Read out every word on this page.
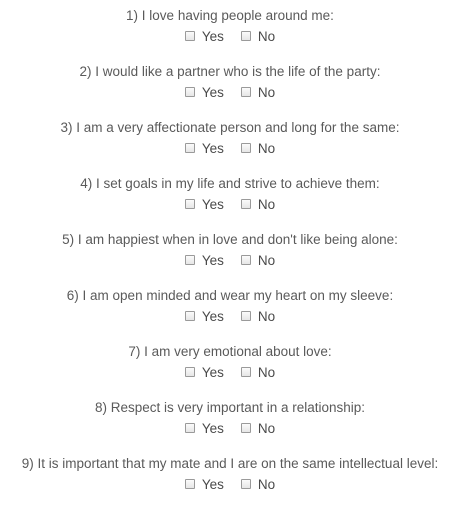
1) I love having people around me:
Yes	No
2) I would like a partner who is the life of the party:
Yes	No
3) I am a very affectionate person and long for the same:
Yes	No
4) I set goals in my life and strive to achieve them:
Yes	No
5) I am happiest when in love and don't like being alone:
Yes	No
6) I am open minded and wear my heart on my sleeve:
Yes	No
7) I am very emotional about love:
Yes	No
8) Respect is very important in a relationship:
Yes	No
9) It is important that my mate and I are on the same intellectual level:
Yes	No
